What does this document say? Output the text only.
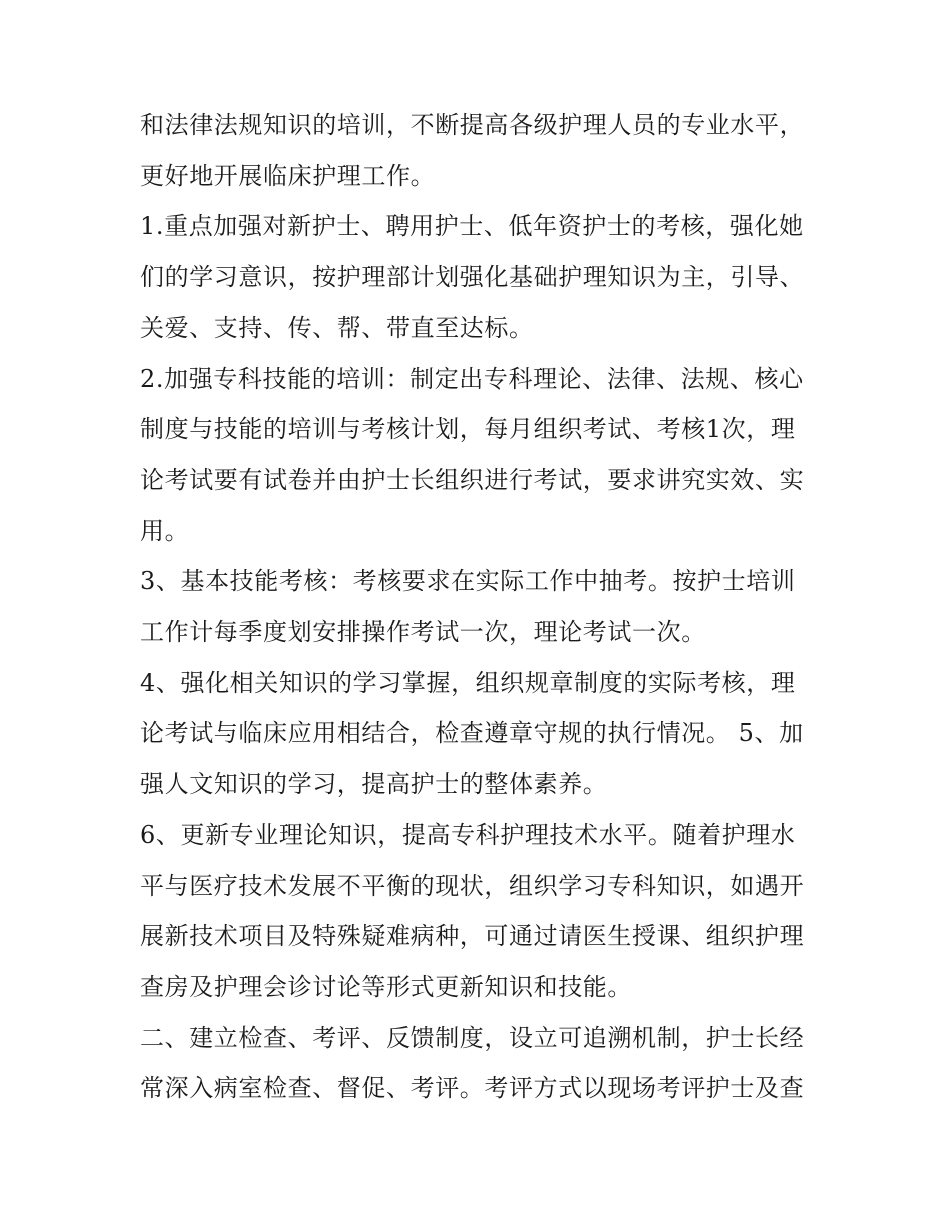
和法律法规知识的培训，不断提高各级护理人员的专业水平，
更好地开展临床护理工作。

1.重点加强对新护士、聘用护士、低年资护士的考核，强化她
们的学习意识，按护理部计划强化基础护理知识为主，引导、
关爱、支持、传、帮、带直至达标。

2.加强专科技能的培训：制定出专科理论、法律、法规、核心
制度与技能的培训与考核计划，每月组织考试、考核1次，理
论考试要有试卷并由护士长组织进行考试，要求讲究实效、实
用。

3、基本技能考核：考核要求在实际工作中抽考。按护士培训
工作计每季度划安排操作考试一次，理论考试一次。

4、强化相关知识的学习掌握，组织规章制度的实际考核，理
论考试与临床应用相结合，检查遵章守规的执行情况。 5、加
强人文知识的学习，提高护士的整体素养。

6、更新专业理论知识，提高专科护理技术水平。随着护理水
平与医疗技术发展不平衡的现状，组织学习专科知识，如遇开
展新技术项目及特殊疑难病种，可通过请医生授课、组织护理
查房及护理会诊讨论等形式更新知识和技能。

二、建立检查、考评、反馈制度，设立可追溯机制，护士长经
常深入病室检查、督促、考评。考评方式以现场考评护士及查
